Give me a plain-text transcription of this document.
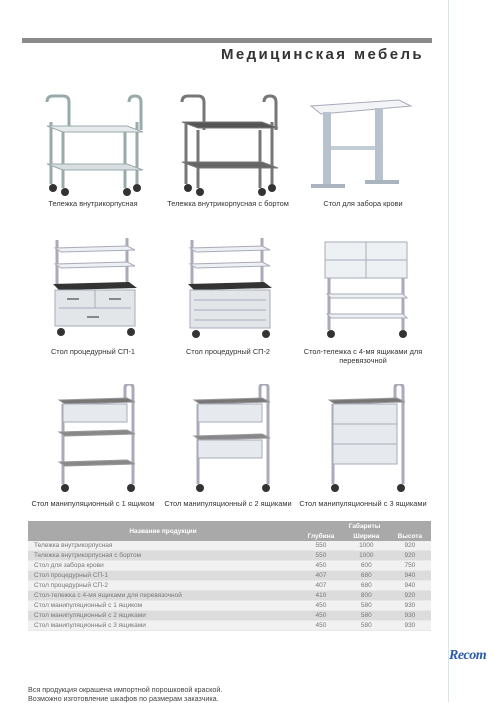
Медицинская мебель
Тележка внутрикорпусная	Тележка внутрикорпусная с бортом	Стол для забора крови
Стол процедурный СП-1	Стол процедурный СП-2	Стол-тележка с 4-мя ящиками для перевязочной
Стол манипуляционный с 1 ящиком	Стол манипуляционный с 2 ящиками Стол манипуляционный с 3 ящиками
Название продукции	Габариты		
	Глубина	Ширина	Высота
Тележка внутрикорпусная	550	1000	920
Тележка внутрикорпусная с бортом	550	1000	920
Стол для забора крови	450	600	750
Стол процедурный СП-1	407	680	940
Стол процедурный СП-2	407	680	940
Стол-тележка с 4-мя ящиками для перевязочной	410	800	920
Стол манипуляционный с 1 ящиком	450	580	930
Стол манипуляционный с 2 ящиками	450	580	930
Стол манипуляционный с 3 ящиками	450	580	930
Вся продукция окрашена импортной порошковой краской.
Возможно изготовление шкафов по размерам заказчика.
Recom
